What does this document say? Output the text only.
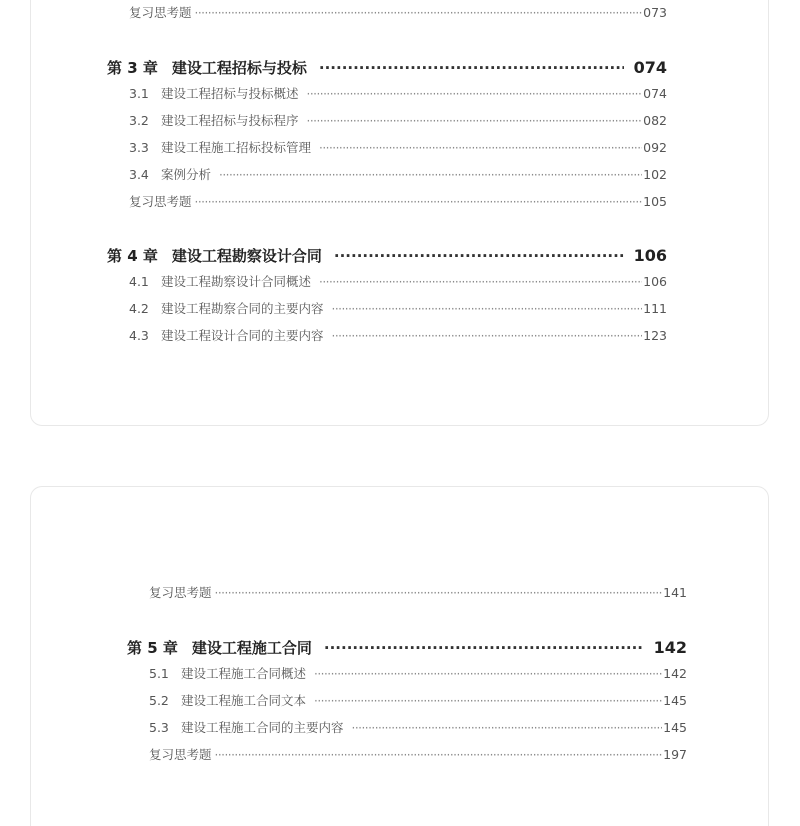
复习思考题 ·····	073
第 3 章 建设工程招标与投标 ·····	074
3.1 建设工程招标与投标概述 ·····	074
3.2 建设工程招标与投标程序 ·····	082
3.3 建设工程施工招标投标管理 ·····	092
3.4 案例分析 ·····	102
复习思考题 ·····	105
第 4 章 建设工程勘察设计合同 ·····	106
4.1 建设工程勘察设计合同概述 ·····	106
4.2 建设工程勘察合同的主要内容 ·····	111
4.3 建设工程设计合同的主要内容 ·····	123
复习思考题 ·····	141
第 5 章 建设工程施工合同 ·····	142
5.1 建设工程施工合同概述 ·····	142
5.2 建设工程施工合同文本 ·····	145
5.3 建设工程施工合同的主要内容 ·····	145
复习思考题 ·····	197
